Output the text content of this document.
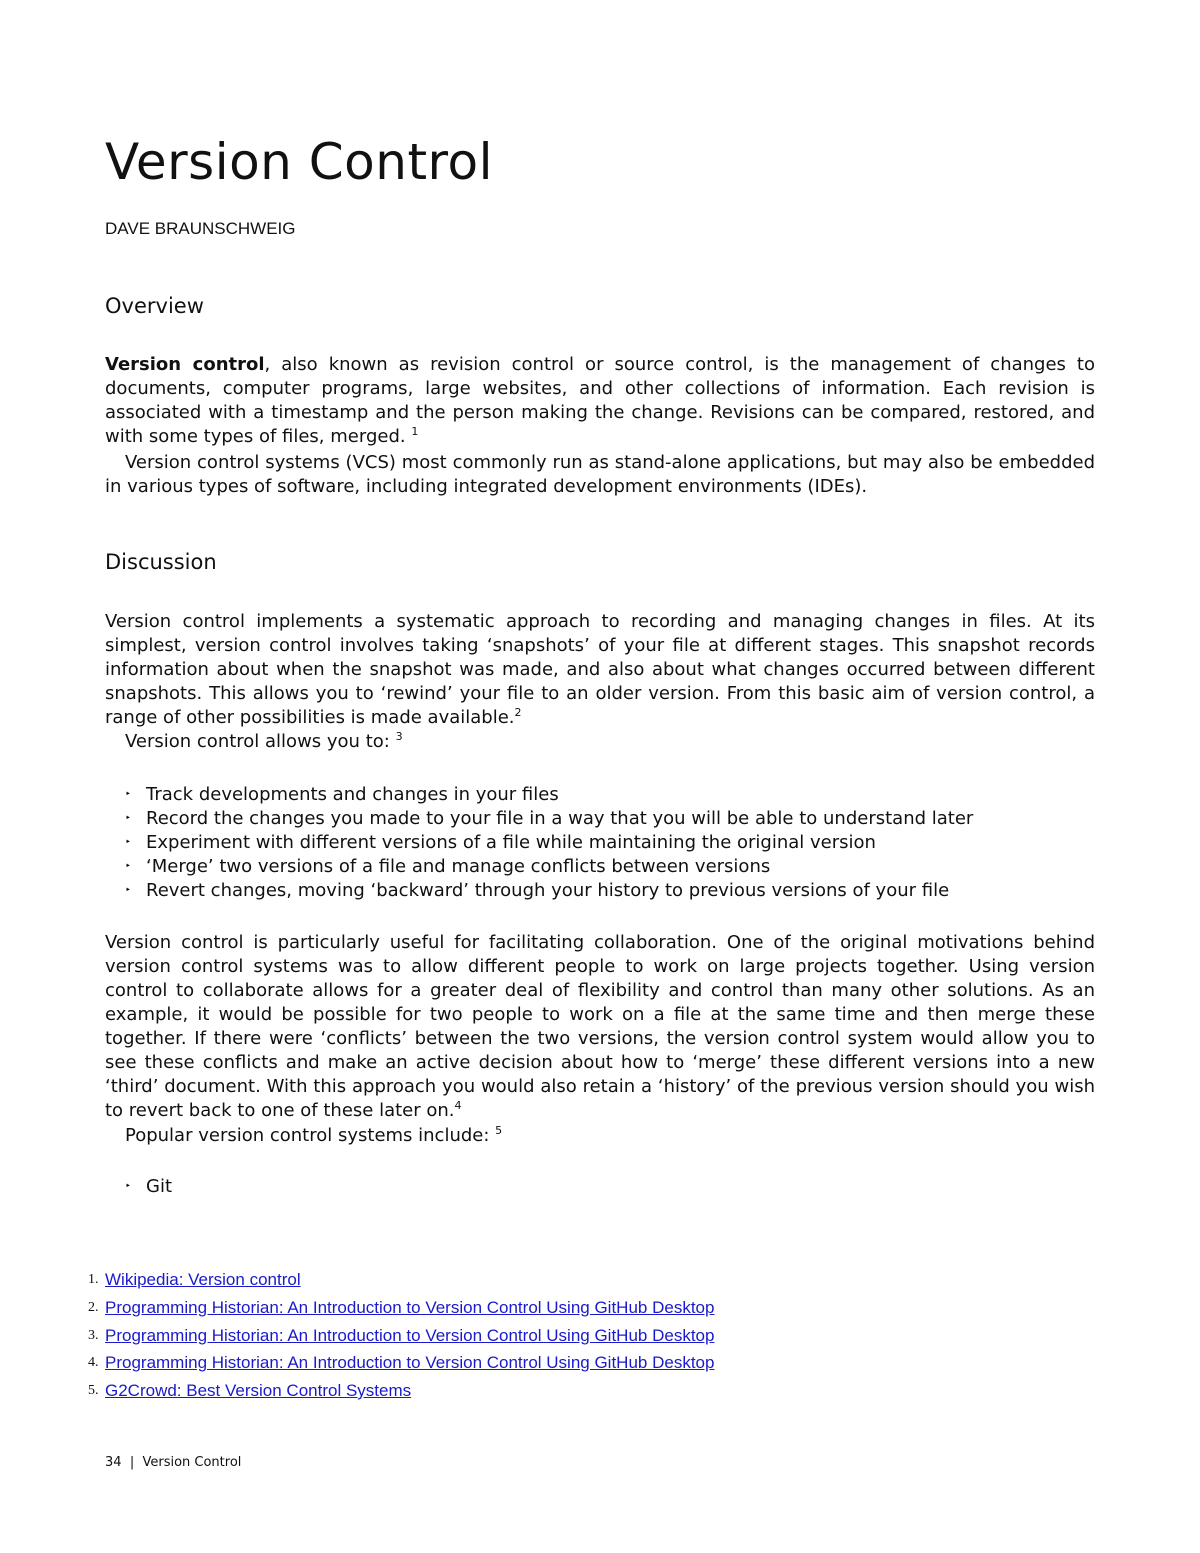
Version Control

DAVE BRAUNSCHWEIG

Overview

Version control, also known as revision control or source control, is the management of changes to documents, computer programs, large websites, and other collections of information. Each revision is associated with a timestamp and the person making the change. Revisions can be compared, restored, and with some types of files, merged. $^1$

Version control systems (VCS) most commonly run as stand-alone applications, but may also be embedded in various types of software, including integrated development environments (IDEs).

Discussion

Version control implements a systematic approach to recording and managing changes in files. At its simplest, version control involves taking ‘snapshots’ of your file at different stages. This snapshot records information about when the snapshot was made, and also about what changes occurred between different snapshots. This allows you to ‘rewind’ your file to an older version. From this basic aim of version control, a range of other possibilities is made available.$^2$

Version control allows you to: $^3$

‣ Track developments and changes in your files
‣ Record the changes you made to your file in a way that you will be able to understand later
‣ Experiment with different versions of a file while maintaining the original version
‣ ‘Merge’ two versions of a file and manage conflicts between versions
‣ Revert changes, moving ‘backward’ through your history to previous versions of your file

Version control is particularly useful for facilitating collaboration. One of the original motivations behind version control systems was to allow different people to work on large projects together. Using version control to collaborate allows for a greater deal of flexibility and control than many other solutions. As an example, it would be possible for two people to work on a file at the same time and then merge these together. If there were ‘conflicts’ between the two versions, the version control system would allow you to see these conflicts and make an active decision about how to ‘merge’ these different versions into a new ‘third’ document. With this approach you would also retain a ‘history’ of the previous version should you wish to revert back to one of these later on.$^4$

Popular version control systems include: $^5$

‣ Git
1. Wikipedia: Version control
2. Programming Historian: An Introduction to Version Control Using GitHub Desktop
3. Programming Historian: An Introduction to Version Control Using GitHub Desktop
4. Programming Historian: An Introduction to Version Control Using GitHub Desktop
5. G2Crowd: Best Version Control Systems

34 | Version Control
